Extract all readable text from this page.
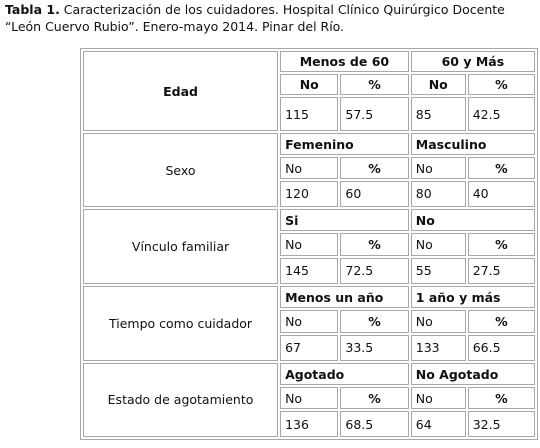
Tabla 1. Caracterización de los cuidadores. Hospital Clínico Quirúrgico Docente “León Cuervo Rubio”. Enero-mayo 2014. Pinar del Río.

Edad	Menos de 60		60 y Más	
	No	%	No	%
	115	57.5	85	42.5
Sexo	Femenino		Masculino	
	No	%	No	%
	120	60	80	40
Vínculo familiar	Si		No	
	No	%	No	%
	145	72.5	55	27.5
Tiempo como cuidador	Menos un año		1 año y más	
	No	%	No	%
	67	33.5	133	66.5
Estado de agotamiento	Agotado		No Agotado	
	No	%	No	%
	136	68.5	64	32.5
